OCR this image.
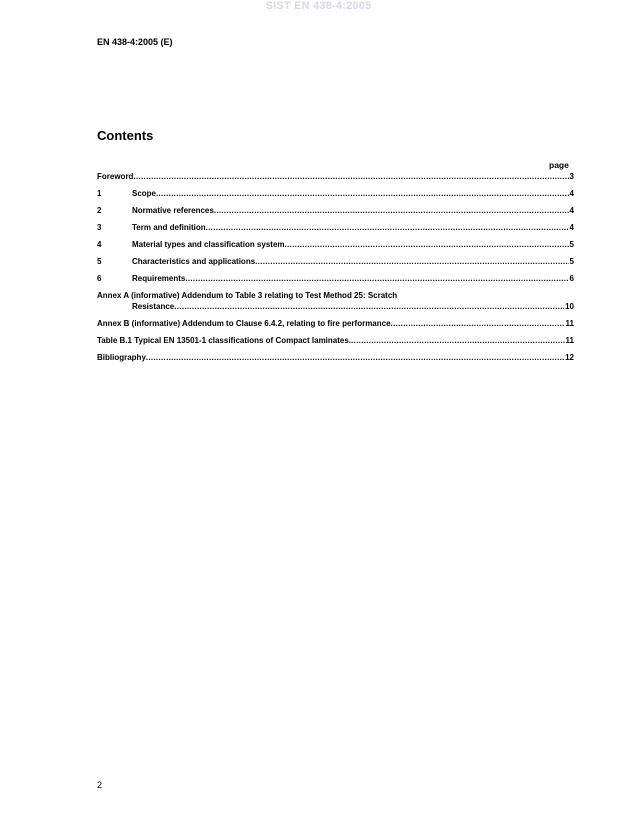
SIST EN 438-4:2005
EN 438-4:2005 (E)
Contents
page
Foreword .....	3
1	Scope .....	4
2	Normative references .....	4
3	Term and definition .....	4
4	Material types and classification system .....	5
5	Characteristics and applications .....	5
6	Requirements .....	6
Annex A (informative) Addendum to Table 3 relating to Test Method 25: Scratch
Resistance .....	10
Annex B (informative) Addendum to Clause 6.4.2, relating to fire performance .....	11
Table B.1 Typical EN 13501-1 classifications of Compact laminates. .....	11
Bibliography .....	12
2
